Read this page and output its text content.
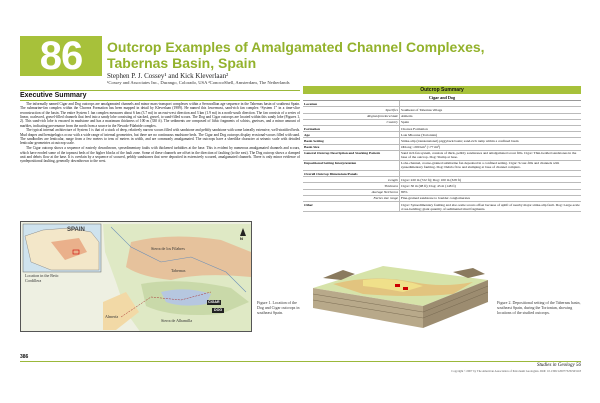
86	Outcrop Examples of Amalgamated Channel Complexes,
Tabernas Basin, Spain
Stephen P. J. Cossey¹ and Kick Kleverlaan²
¹Cossey and Associates Inc., Durango, Colorado, USA ²ConocoShell, Amsterdam, The Netherlands
Executive Summary

The informally named Cigar and Dog outcrops are amalgamated channels and minor mass-transport complexes within a Serravallian age sequence in the Tabernas basin of southeast Spain. The submarine-fan complex within the Chorrea Formation has been mapped in detail by Kleverlaan (1989). He named this lowermost, sand-rich fan complex “System 1” in a time-slice reconstruction of the basin. The entire System 1 fan complex measures about 6 km (3.7 mi) in an east-west direction and 3 km (1.9 mi) in a north-south direction. The fan consists of a series of linear, coalesced, gravel-filled channels that feed into a sandy lobe consisting of stacked, gravel, to sand-filled scours. The Dog and Cigar outcrops are located within this sandy lobe (Figures 1, 2). This sand-rich lobe is encased in mudstone and has a maximum thickness of 100 m (330 ft). The sediments are composed of lithic fragments of schists, gneisses, and a minor amount of marbles, indicating provenance from the north from a source in the Nevado-Filabride complex.

The typical internal architecture of System 1 is that of a stack of deep, relatively narrow scours filled with sandstone and pebbly sandstone with some laterally extensive, well-stratified beds. Mud drapes and hemipelagics occur with a wide range of internal geometries, but there are no continuous mudstone beds. The Cigar and Dog outcrops display erosional-scours filled with sand. The sandbodies are lenticular, range from a few meters to tens of meters in width, and are commonly amalgamated. The outcrops have a sheetlike character at seismic scale with detailed lenticular geometries at outcrop scale.

The Cigar outcrop shows a sequence of easterly downthrown, synsedimentary faults with thickened turbidites at the base. This is evident by numerous amalgamated channels and scours, which have eroded some of the topmost beds of the higher blocks of the fault zone. Some of these channels are offset in the direction of faulting (to the east). The Dog outcrop shows a clamped unit and debris flow at the base. It is overlain by a sequence of scoured, pebbly sandstones that were deposited in extensively scoured, amalgamated channels. There is only minor evidence of syndepositional faulting, generally downthrown to the west.

Location in the Betic Cordillera
SPAIN
Almería
Tabernas
Sierra de los Filabres
CIGAR
DOG
Sierra de Alhamilla
N
Figure 1. Location of the Dog and Cigar outcrops in southeast Spain.
Outcrop Summary
Cigar and Dog
Location
Specifics Southeast of Tabernas village
Region/province/state Almería
Country Spain
Formation	Chorrea Formation
Age	Late Miocene (Tortonian)
Basin Setting	Strike-slip (transtensional) piggyback basin; sand-rich ramp within a confined basin
Basin Size	Oblong ~200 km² (~77 mi²)
General Outcrop Description and Stacking Pattern	Sand rich fan system, consists of thick, pebbly sandstones and amalgamated scour fills. Cigar: Thin-bedded sandstones in the base of the outcrop. Dog: Slump at base.
Depositional Setting Interpretation	Lobe-channel, coarse-grained submarine fan deposited in a confined setting. Cigar: Scour-fills and channels with synsedimentary faulting. Dog: Debris flow and slumping at base of channel complex.
Overall Outcrop Dimensions/Panels
Length Cigar: 220 m (722 ft); Dog: 100 m (328 ft)
Thickness Cigar: 30 m (98 ft); Dog: 45 m (148 ft)
Average Net/Gross 80%
Facies size range Fine-grained sandstone to boulder conglomerates
Other	Cigar: Synsedimentary faulting and also some scours offset because of uplift of nearby major strike-slip fault. Dog: Large-scale cross-bedding; giant quantity of sedimented mud fragments.
Figure 2. Depositional setting of the Tabernas basin, southeast Spain, during the Tortonian, showing locations of the studied outcrops.
386
Studies in Geology 56
Copyright ©2007 by The American Association of Petroleum Geologists. DOI: 10.1306/12007732St563118
